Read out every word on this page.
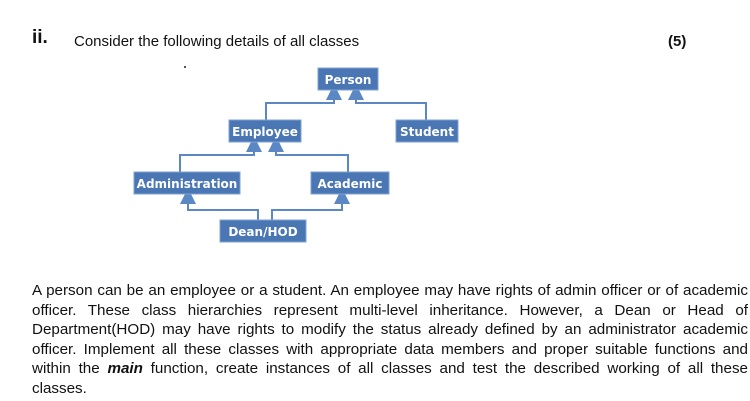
ii. Consider the following details of all classes	(5)
Person
Employee	Student
Administration	Academic
Dean/HOD
A person can be an employee or a student. An employee may have rights of admin officer or of academic officer. These class hierarchies represent multi-level inheritance. However, a Dean or Head of Department(HOD) may have rights to modify the status already defined by an administrator academic officer. Implement all these classes with appropriate data members and proper suitable functions and within the main function, create instances of all classes and test the described working of all these classes.
